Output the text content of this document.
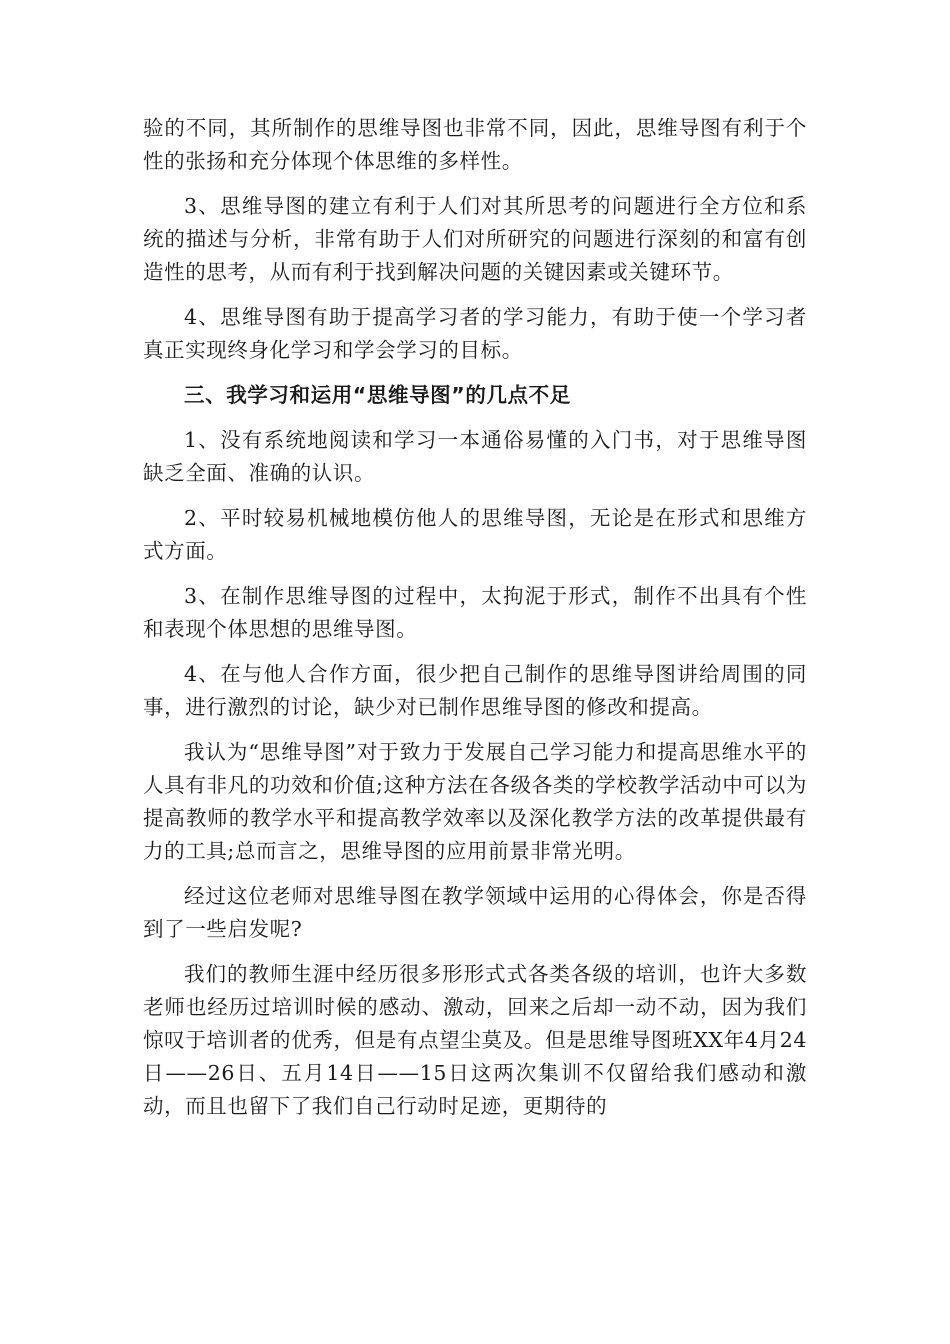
验的不同，其所制作的思维导图也非常不同，因此，思维导图有利于个性的张扬和充分体现个体思维的多样性。

3、思维导图的建立有利于人们对其所思考的问题进行全方位和系统的描述与分析，非常有助于人们对所研究的问题进行深刻的和富有创造性的思考，从而有利于找到解决问题的关键因素或关键环节。

4、思维导图有助于提高学习者的学习能力，有助于使一个学习者真正实现终身化学习和学会学习的目标。

三、我学习和运用“思维导图”的几点不足

1、没有系统地阅读和学习一本通俗易懂的入门书，对于思维导图缺乏全面、准确的认识。

2、平时较易机械地模仿他人的思维导图，无论是在形式和思维方式方面。

3、在制作思维导图的过程中，太拘泥于形式，制作不出具有个性和表现个体思想的思维导图。

4、在与他人合作方面，很少把自己制作的思维导图讲给周围的同事，进行激烈的讨论，缺少对已制作思维导图的修改和提高。

我认为“思维导图”对于致力于发展自己学习能力和提高思维水平的人具有非凡的功效和价值;这种方法在各级各类的学校教学活动中可以为提高教师的教学水平和提高教学效率以及深化教学方法的改革提供最有力的工具;总而言之，思维导图的应用前景非常光明。

经过这位老师对思维导图在教学领域中运用的心得体会，你是否得到了一些启发呢?

我们的教师生涯中经历很多形形式式各类各级的培训，也许大多数老师也经历过培训时候的感动、激动，回来之后却一动不动，因为我们惊叹于培训者的优秀，但是有点望尘莫及。但是思维导图班XX年4月24日——26日、五月14日——15日这两次集训不仅留给我们感动和激动，而且也留下了我们自己行动时足迹，更期待的
